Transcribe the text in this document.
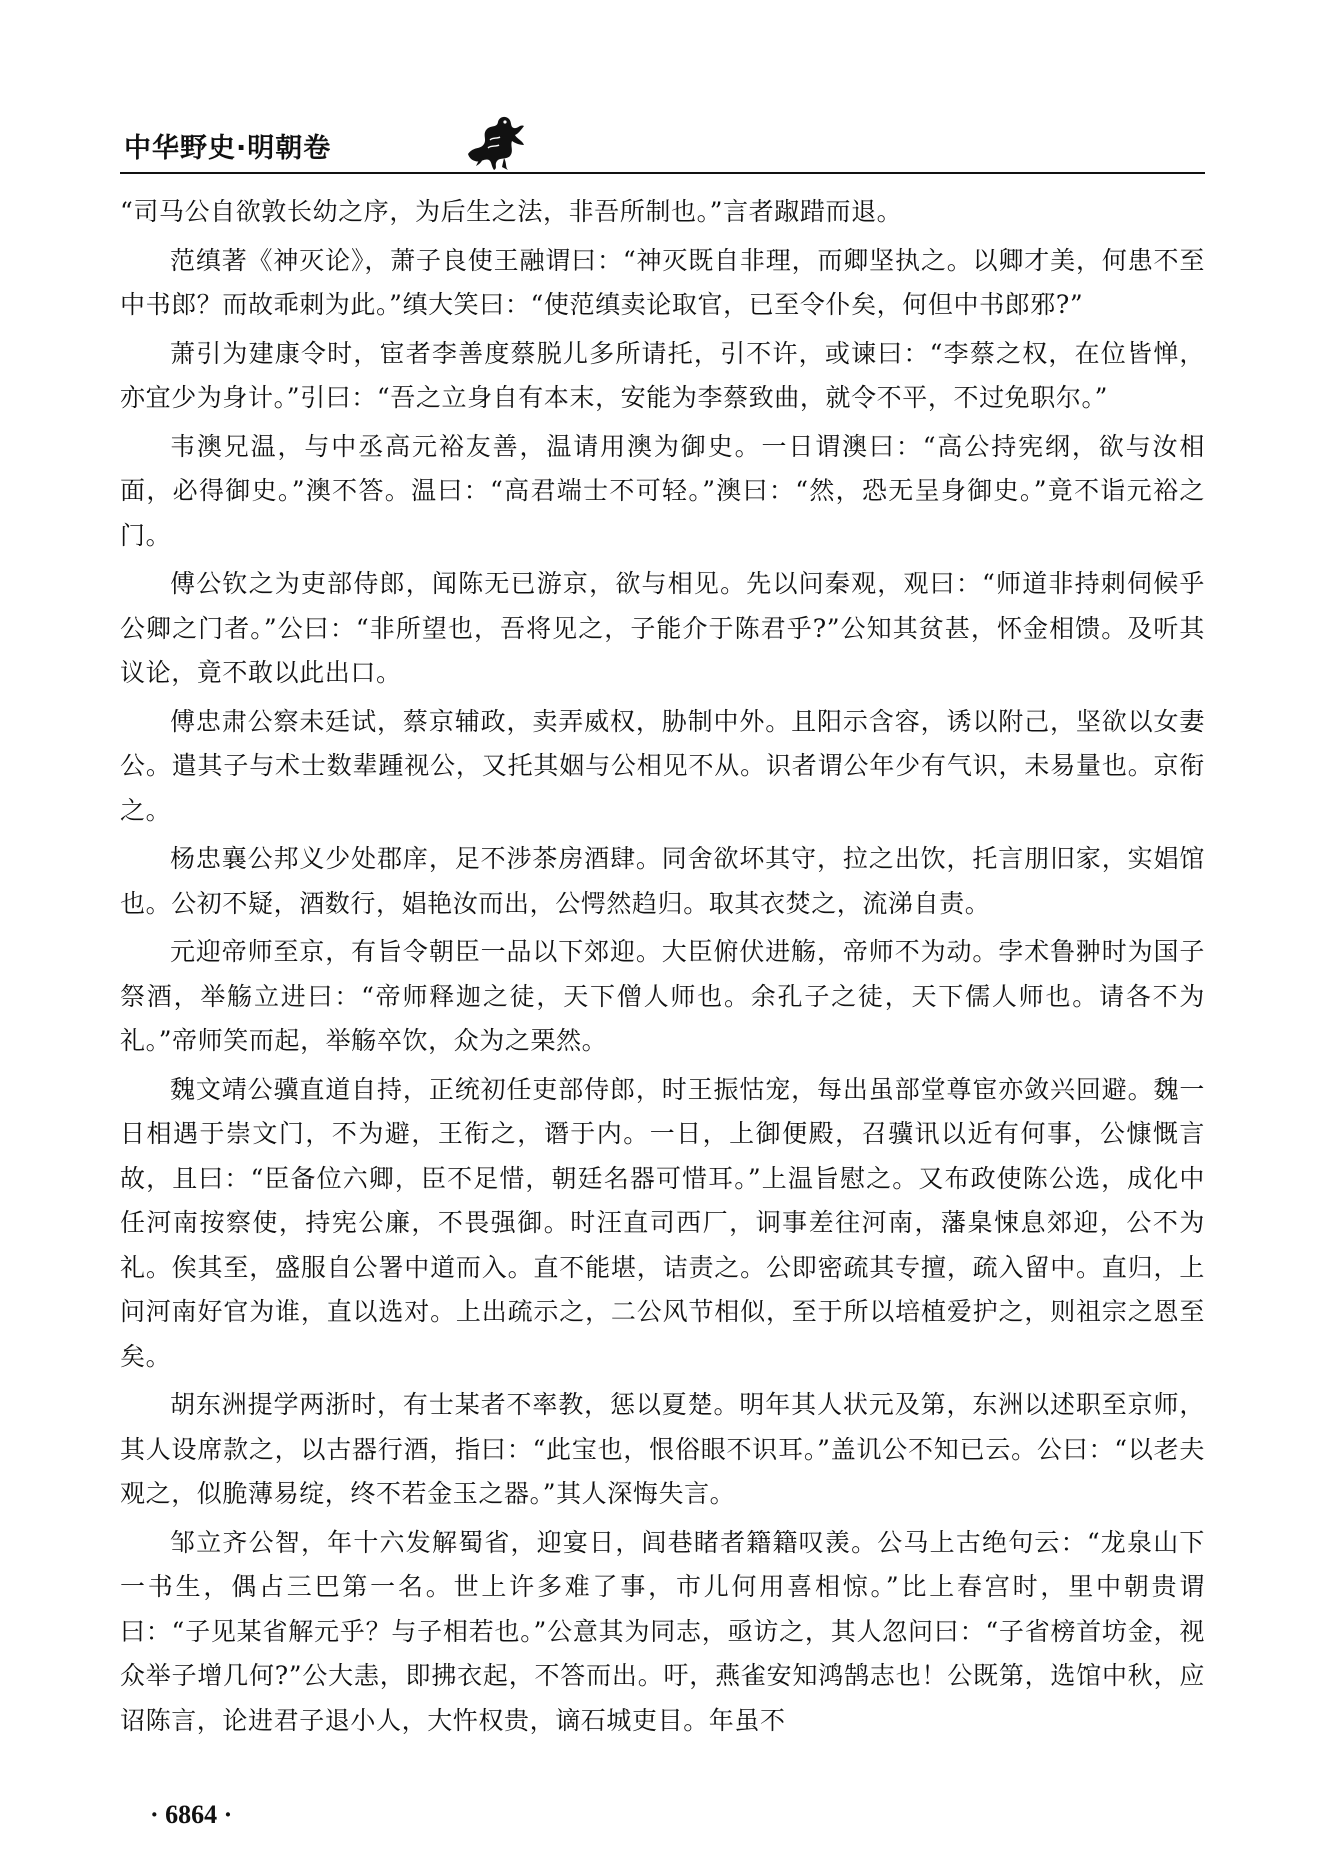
中华野史·明朝卷

“司马公自欲敦长幼之序，为后生之法，非吾所制也。”言者踧踖而退。

范缜著《神灭论》，萧子良使王融谓曰：“神灭既自非理，而卿坚执之。以卿才美，何患不至中书郎？而故乖刺为此。”缜大笑曰：“使范缜卖论取官，已至令仆矣，何但中书郎邪?”

萧引为建康令时，宦者李善度蔡脱儿多所请托，引不许，或谏曰：“李蔡之权，在位皆惮，亦宜少为身计。”引曰：“吾之立身自有本末，安能为李蔡致曲，就令不平，不过免职尔。”

韦澳兄温，与中丞高元裕友善，温请用澳为御史。一日谓澳曰：“高公持宪纲，欲与汝相面，必得御史。”澳不答。温曰：“高君端士不可轻。”澳曰：“然，恐无呈身御史。”竟不诣元裕之门。

傅公钦之为吏部侍郎，闻陈无已游京，欲与相见。先以问秦观，观曰：“师道非持刺伺候乎公卿之门者。”公曰：“非所望也，吾将见之，子能介于陈君乎?”公知其贫甚，怀金相馈。及听其议论，竟不敢以此出口。

傅忠肃公察未廷试，蔡京辅政，卖弄威权，胁制中外。且阳示含容，诱以附己，坚欲以女妻公。遣其子与术士数辈踵视公，又托其姻与公相见不从。识者谓公年少有气识，未易量也。京衔之。

杨忠襄公邦义少处郡庠，足不涉茶房酒肆。同舍欲坏其守，拉之出饮，托言朋旧家，实娼馆也。公初不疑，酒数行，娼艳汝而出，公愕然趋归。取其衣焚之，流涕自责。

元迎帝师至京，有旨令朝臣一品以下郊迎。大臣俯伏进觞，帝师不为动。孛术鲁翀时为国子祭酒，举觞立进曰：“帝师释迦之徒，天下僧人师也。余孔子之徒，天下儒人师也。请各不为礼。”帝师笑而起，举觞卒饮，众为之栗然。

魏文靖公骥直道自持，正统初任吏部侍郎，时王振怙宠，每出虽部堂尊宦亦敛兴回避。魏一日相遇于崇文门，不为避，王衔之，谮于内。一日，上御便殿，召骥讯以近有何事，公慷慨言故，且曰：“臣备位六卿，臣不足惜，朝廷名器可惜耳。”上温旨慰之。又布政使陈公选，成化中任河南按察使，持宪公廉，不畏强御。时汪直司西厂，诇事差往河南，藩臬悚息郊迎，公不为礼。俟其至，盛服自公署中道而入。直不能堪，诘责之。公即密疏其专擅，疏入留中。直归，上问河南好官为谁，直以选对。上出疏示之，二公风节相似，至于所以培植爱护之，则祖宗之恩至矣。

胡东洲提学两浙时，有士某者不率教，惩以夏楚。明年其人状元及第，东洲以述职至京师，其人设席款之，以古器行酒，指曰：“此宝也，恨俗眼不识耳。”盖讥公不知已云。公曰：“以老夫观之，似脆薄易绽，终不若金玉之器。”其人深悔失言。

邹立齐公智，年十六发解蜀省，迎宴日，闾巷睹者籍籍叹羡。公马上古绝句云：“龙泉山下一书生，偶占三巴第一名。世上许多难了事，市儿何用喜相惊。”比上春宫时，里中朝贵谓曰：“子见某省解元乎？与子相若也。”公意其为同志，亟访之，其人忽问曰：“子省榜首坊金，视众举子增几何?”公大恚，即拂衣起，不答而出。吁，燕雀安知鸿鹄志也！公既第，选馆中秋，应诏陈言，论进君子退小人，大忤权贵，谪石城吏目。年虽不

· 6864 ·
